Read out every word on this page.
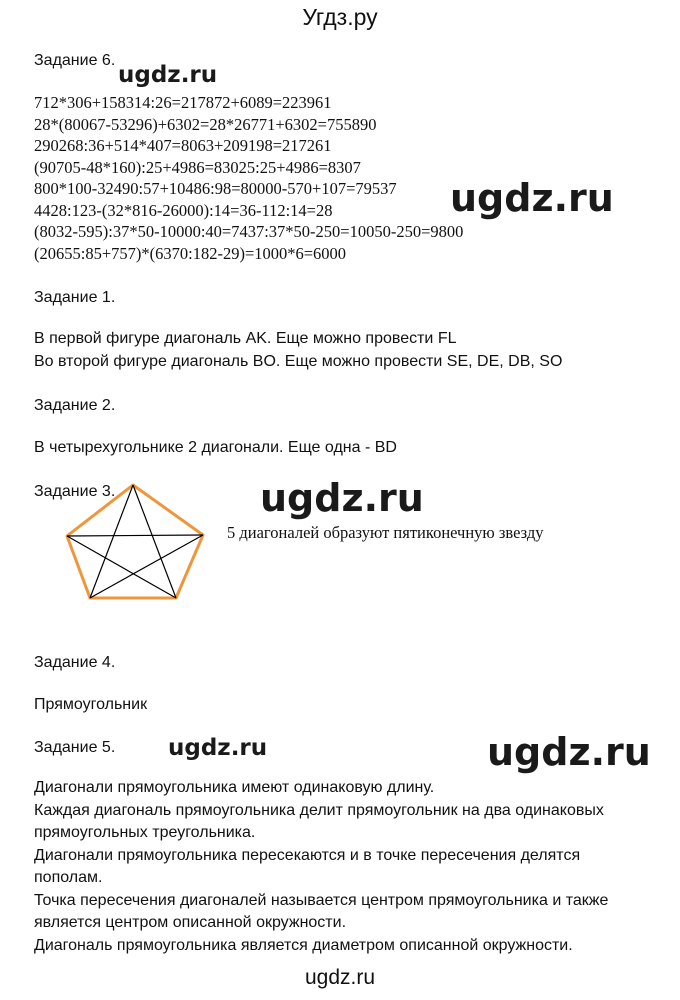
Угдз.ру
ugdz.ru
ugdz.ru
ugdz.ru
ugdz.ru	ugdz.ru
Задание 6.
712*306+158314:26=217872+6089=223961
28*(80067-53296)+6302=28*26771+6302=755890
290268:36+514*407=8063+209198=217261
(90705-48*160):25+4986=83025:25+4986=8307
800*100-32490:57+10486:98=80000-570+107=79537
4428:123-(32*816-26000):14=36-112:14=28
(8032-595):37*50-10000:40=7437:37*50-250=10050-250=9800
(20655:85+757)*(6370:182-29)=1000*6=6000
Задание 1.
В первой фигуре диагональ AK. Еще можно провести FL
Во второй фигуре диагональ BO. Еще можно провести SE, DE, DB, SO
Задание 2.
В четырехугольнике 2 диагонали. Еще одна - BD
Задание 3.
5 диагоналей образуют пятиконечную звезду
Задание 4.
Прямоугольник
Задание 5.
Диагонали прямоугольника имеют одинаковую длину.
Каждая диагональ прямоугольника делит прямоугольник на два одинаковых
прямоугольных треугольника.
Диагонали прямоугольника пересекаются и в точке пересечения делятся
пополам.
Точка пересечения диагоналей называется центром прямоугольника и также
является центром описанной окружности.
Диагональ прямоугольника является диаметром описанной окружности.
ugdz.ru
